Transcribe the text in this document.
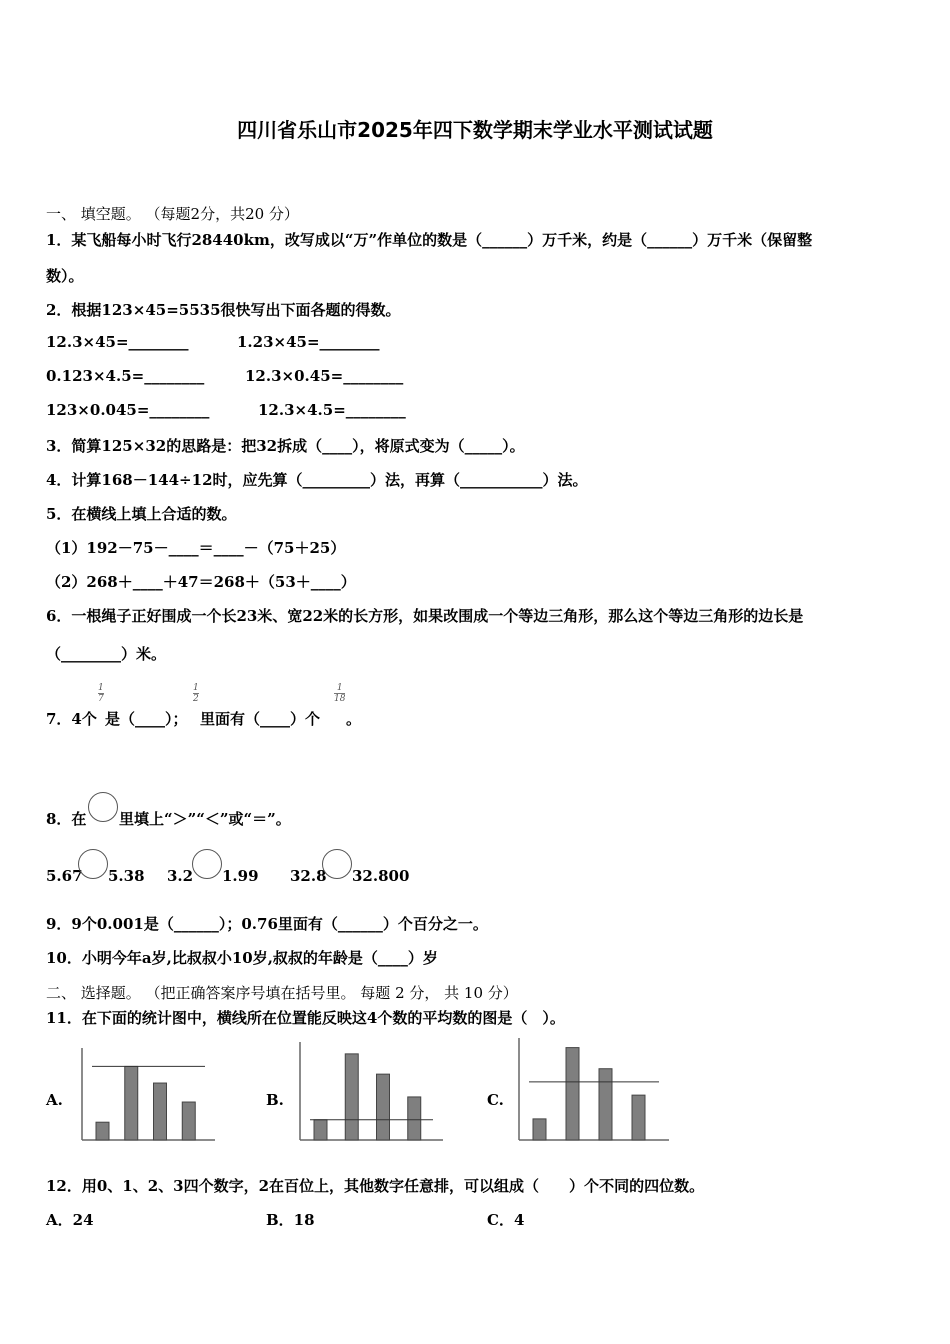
四川省乐山市2025年四下数学期末学业水平测试试题
一、 填空题。 （每题2分，共20 分）
1．某飞船每小时飞行28440km，改写成以“万”作单位的数是（______）万千米，约是（______）万千米（保留整
数）。
2．根据123×45=5535很快写出下面各题的得数。
12.3×45=________	1.23×45=________
0.123×4.5=________	12.3×0.45=________
123×0.045=________	12.3×4.5=________
3．简算125×32的思路是：把32拆成（____），将原式变为（_____）。
4．计算168－144÷12时，应先算（_________）法，再算（___________）法。
5．在横线上填上合适的数。
（1）192－75－____＝____－（75＋25）
（2）268＋____＋47＝268＋（53＋____）
6．一根绳子正好围成一个长23米、宽22米的长方形，如果改围成一个等边三角形，那么这个等边三角形的边长是
（________）米。
7．4个
$\frac{1}{7}$
是（____）；
$\frac{1}{2}$
里面有（____）个
$\frac{1}{18}$
。
8．在 里填上“＞”“＜”或“＝”。
5.67 5.38 3.2 1.99 32.8 32.800
9．9个0.001是（______）；0.76里面有（______）个百分之一。
10．小明今年a岁,比叔叔小10岁,叔叔的年龄是（____）岁
二、 选择题。 （把正确答案序号填在括号里。 每题 2 分， 共 10 分）
11．在下面的统计图中，横线所在位置能反映这4个数的平均数的图是（　）。
A.	B.	C.
12．用0、1、2、3四个数字，2在百位上，其他数字任意排，可以组成（　　）个不同的四位数。
A．24	B．18	C．4
